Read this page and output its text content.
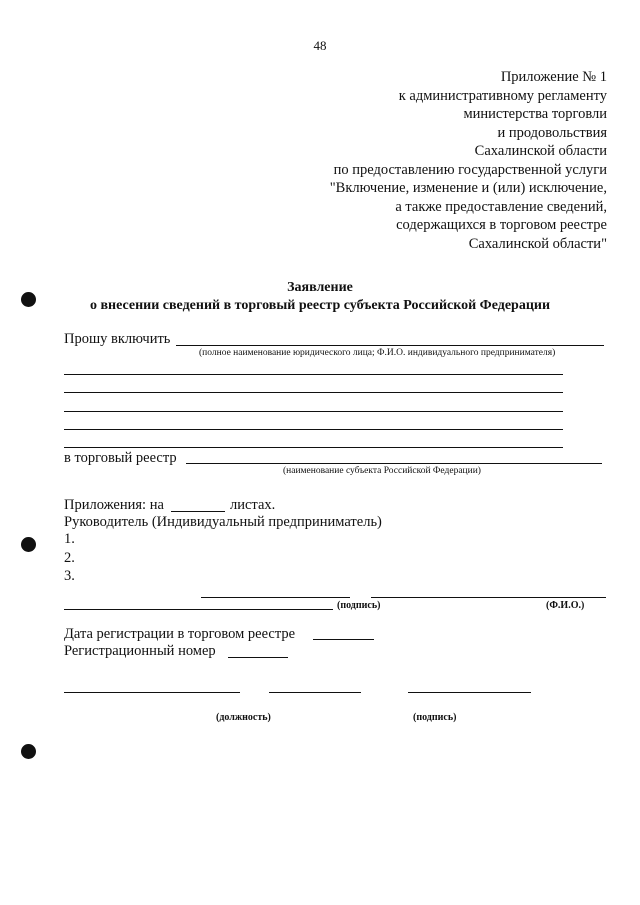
48
Приложение № 1
к административному регламенту
министерства торговли
и продовольствия
Сахалинской области
по предоставлению государственной услуги
"Включение, изменение и (или) исключение,
а также предоставление сведений,
содержащихся в торговом реестре
Сахалинской области"
Заявление
о внесении сведений в торговый реестр субъекта Российской Федерации
Прошу включить
(полное наименование юридического лица; Ф.И.О. индивидуального предпринимателя)
в торговый реестр
(наименование субъекта Российской Федерации)
Приложения: на	листах.
Руководитель (Индивидуальный предприниматель)
1.
2.
3.
(подпись)	(Ф.И.О.)
Дата регистрации в торговом реестре
Регистрационный номер
(должность)	(подпись)
